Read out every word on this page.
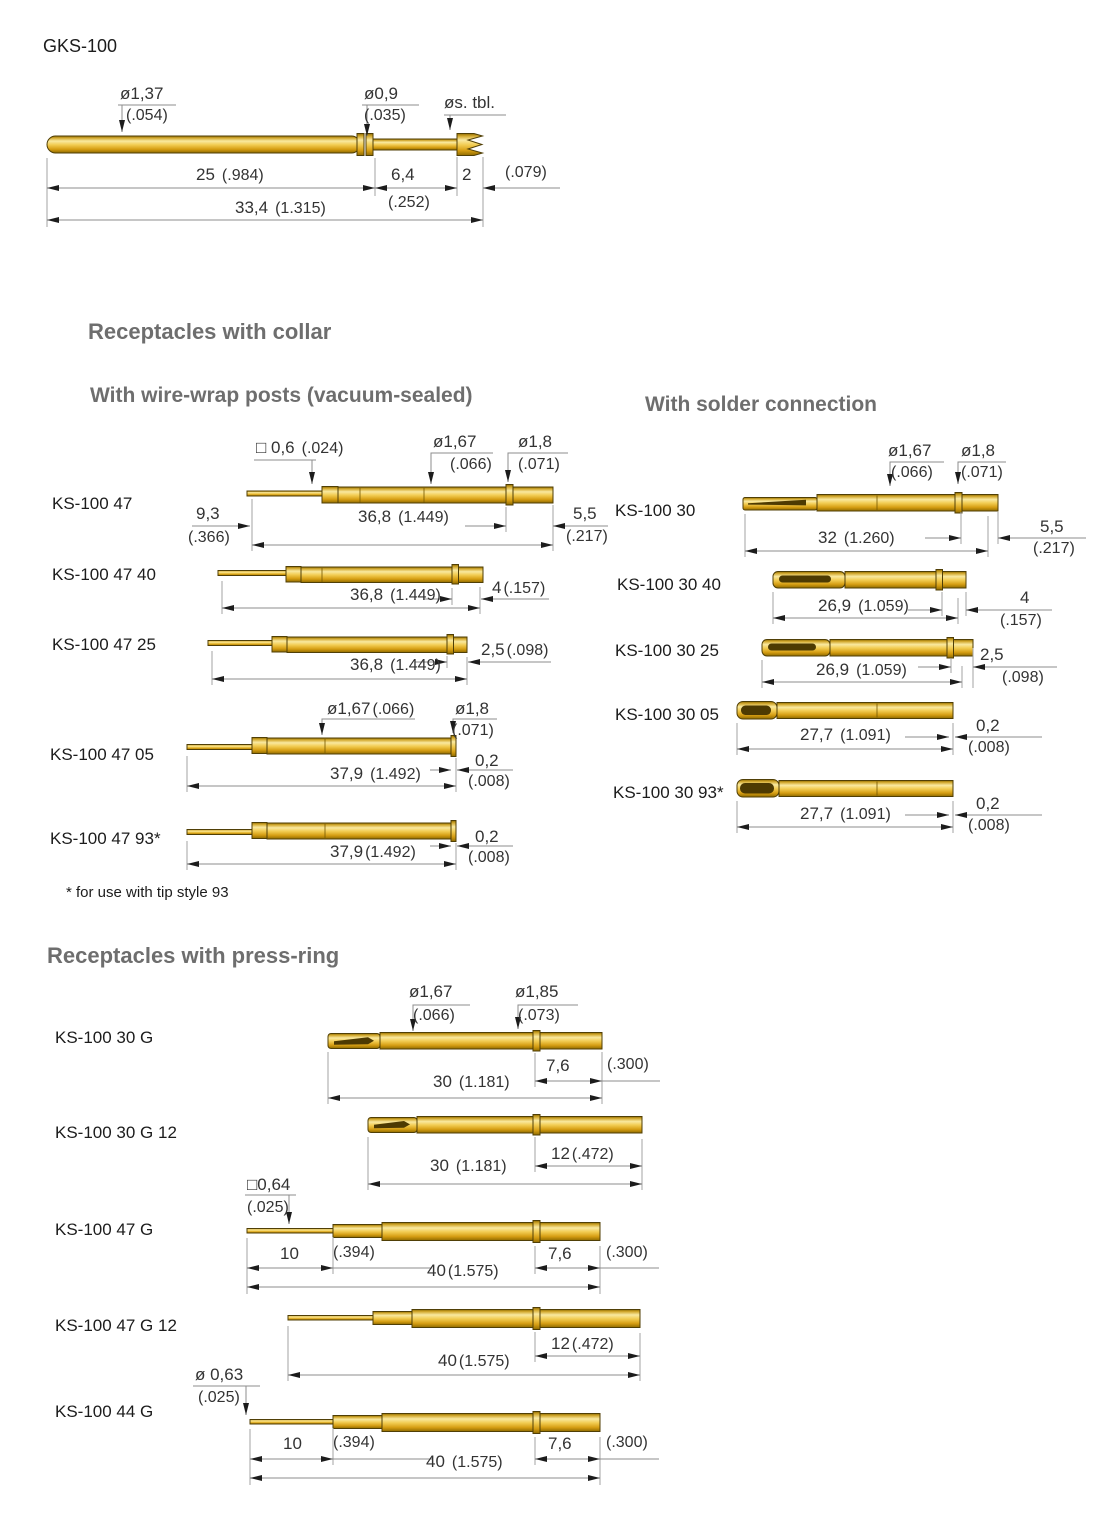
GKS-100
ø1,37
(.054)
ø0,9
(.035)
øs. tbl.
25 (.984)	6,4
(.252)
2 (.079)
33,4 (1.315)
Receptacles with collar
With wire-wrap posts (vacuum-sealed)	With solder connection
Receptacles with press-ring
* for use with tip style 93
KS-100 47
□ 0,6 (.024)	ø1,67
(.066)
ø1,8
(.071)
9,3
(.366)
36,8 (1.449)	5,5
(.217)
KS-100 47 40
36,8 (1.449)	4 (.157)
KS-100 47 25
36,8 (1.449)
2,5 (.098)
KS-100 47 05
ø1,67 (.066) ø1,8
(.071)
37,9 (1.492)
0,2
(.008)
KS-100 47 93*
37,9 (1.492)
0,2
(.008)
KS-100 30
ø1,67
(.066)
ø1,8
(.071)
32 (1.260)
5,5
(.217)
KS-100 30 40
26,9 (1.059)	4
(.157)
KS-100 30 25
26,9 (1.059)
2,5
(.098)
KS-100 30 05
27,7 (1.091)
0,2
(.008)
KS-100 30 93*
27,7 (1.091)
0,2
(.008)
KS-100 30 G
ø1,67
(.066)
ø1,85
(.073)
30 (1.181)
7,6 (.300)
KS-100 30 G 12
12 (.472)
30 (1.181)
KS-100 47 G
□0,64
(.025)
10 (.394)
40 (1.575)
7,6 (.300)
KS-100 47 G 12
12 (.472)
40 (1.575)
KS-100 44 G
ø 0,63
(.025)
10 (.394)
40 (1.575)
7,6 (.300)
